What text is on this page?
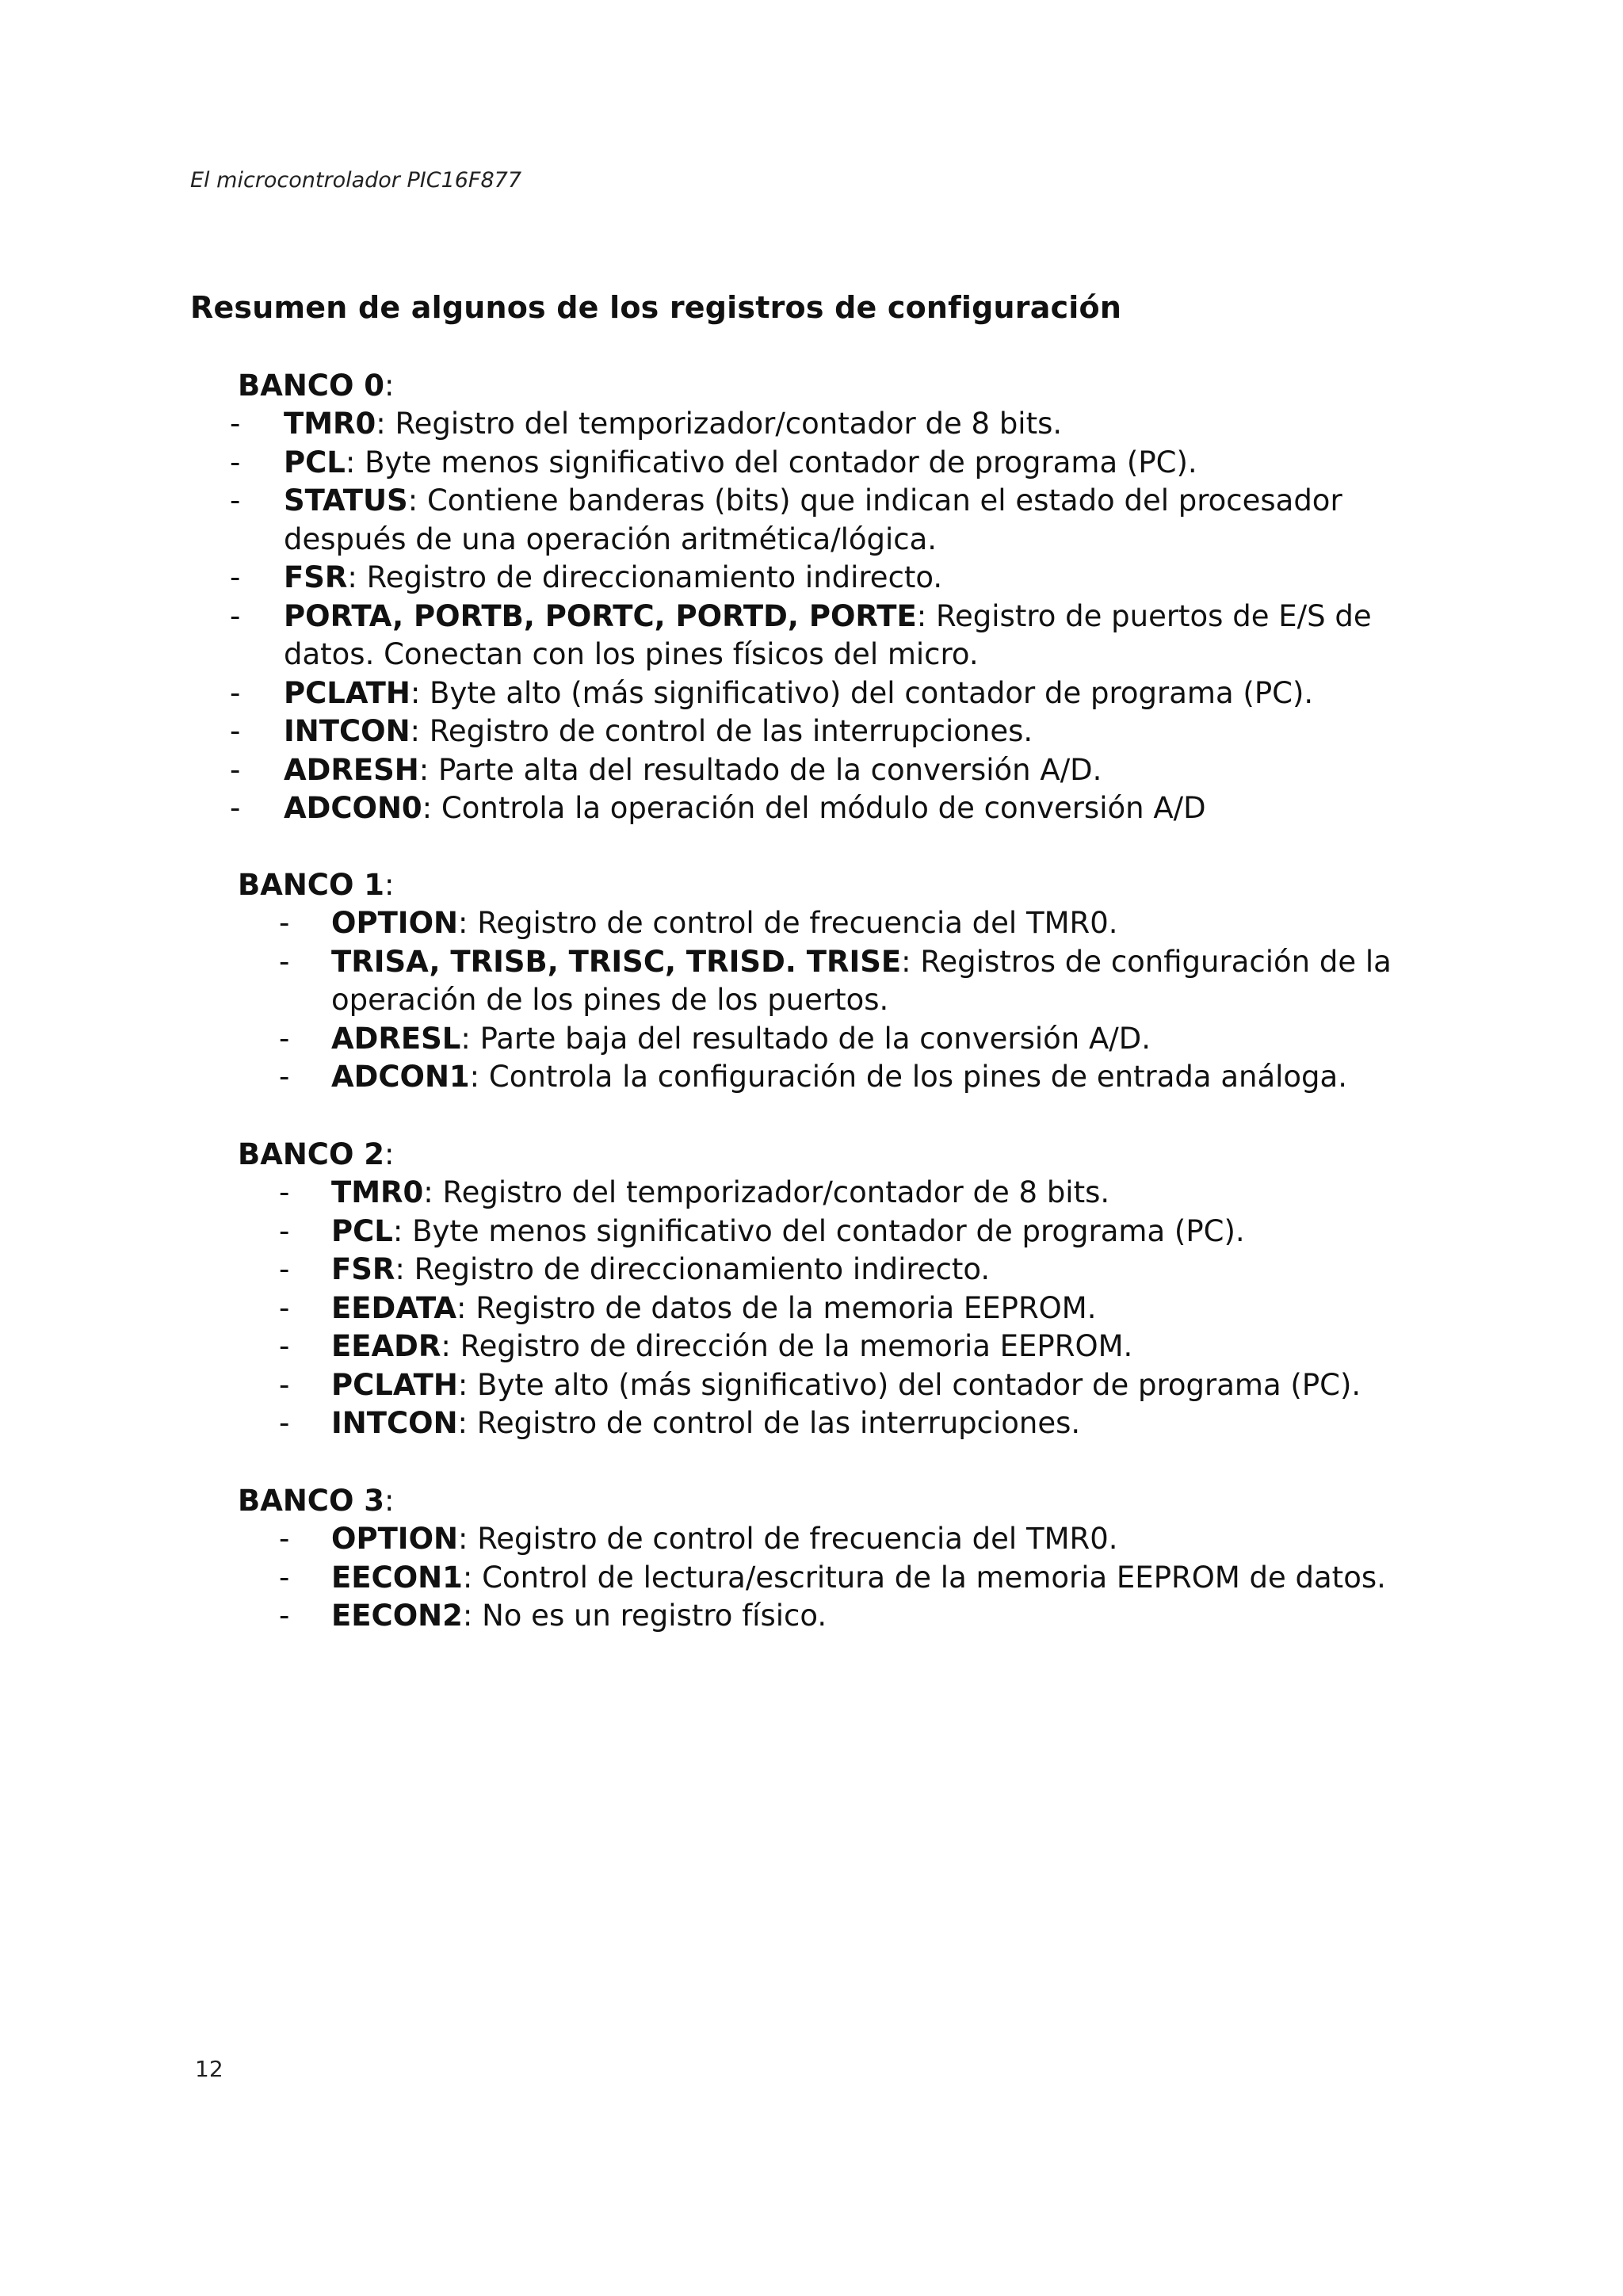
El microcontrolador PIC16F877
Resumen de algunos de los registros de configuración
BANCO 0:
- TMR0: Registro del temporizador/contador de 8 bits.
- PCL: Byte menos significativo del contador de programa (PC).
- STATUS: Contiene banderas (bits) que indican el estado del procesador
después de una operación aritmética/lógica.
- FSR: Registro de direccionamiento indirecto.
- PORTA, PORTB, PORTC, PORTD, PORTE: Registro de puertos de E/S de
datos. Conectan con los pines físicos del micro.
- PCLATH: Byte alto (más significativo) del contador de programa (PC).
- INTCON: Registro de control de las interrupciones.
- ADRESH: Parte alta del resultado de la conversión A/D.
- ADCON0: Controla la operación del módulo de conversión A/D
BANCO 1:
- OPTION: Registro de control de frecuencia del TMR0.
- TRISA, TRISB, TRISC, TRISD. TRISE: Registros de configuración de la
operación de los pines de los puertos.
- ADRESL: Parte baja del resultado de la conversión A/D.
- ADCON1: Controla la configuración de los pines de entrada análoga.
BANCO 2:
- TMR0: Registro del temporizador/contador de 8 bits.
- PCL: Byte menos significativo del contador de programa (PC).
- FSR: Registro de direccionamiento indirecto.
- EEDATA: Registro de datos de la memoria EEPROM.
- EEADR: Registro de dirección de la memoria EEPROM.
- PCLATH: Byte alto (más significativo) del contador de programa (PC).
- INTCON: Registro de control de las interrupciones.
BANCO 3:
- OPTION: Registro de control de frecuencia del TMR0.
- EECON1: Control de lectura/escritura de la memoria EEPROM de datos.
- EECON2: No es un registro físico.
12
